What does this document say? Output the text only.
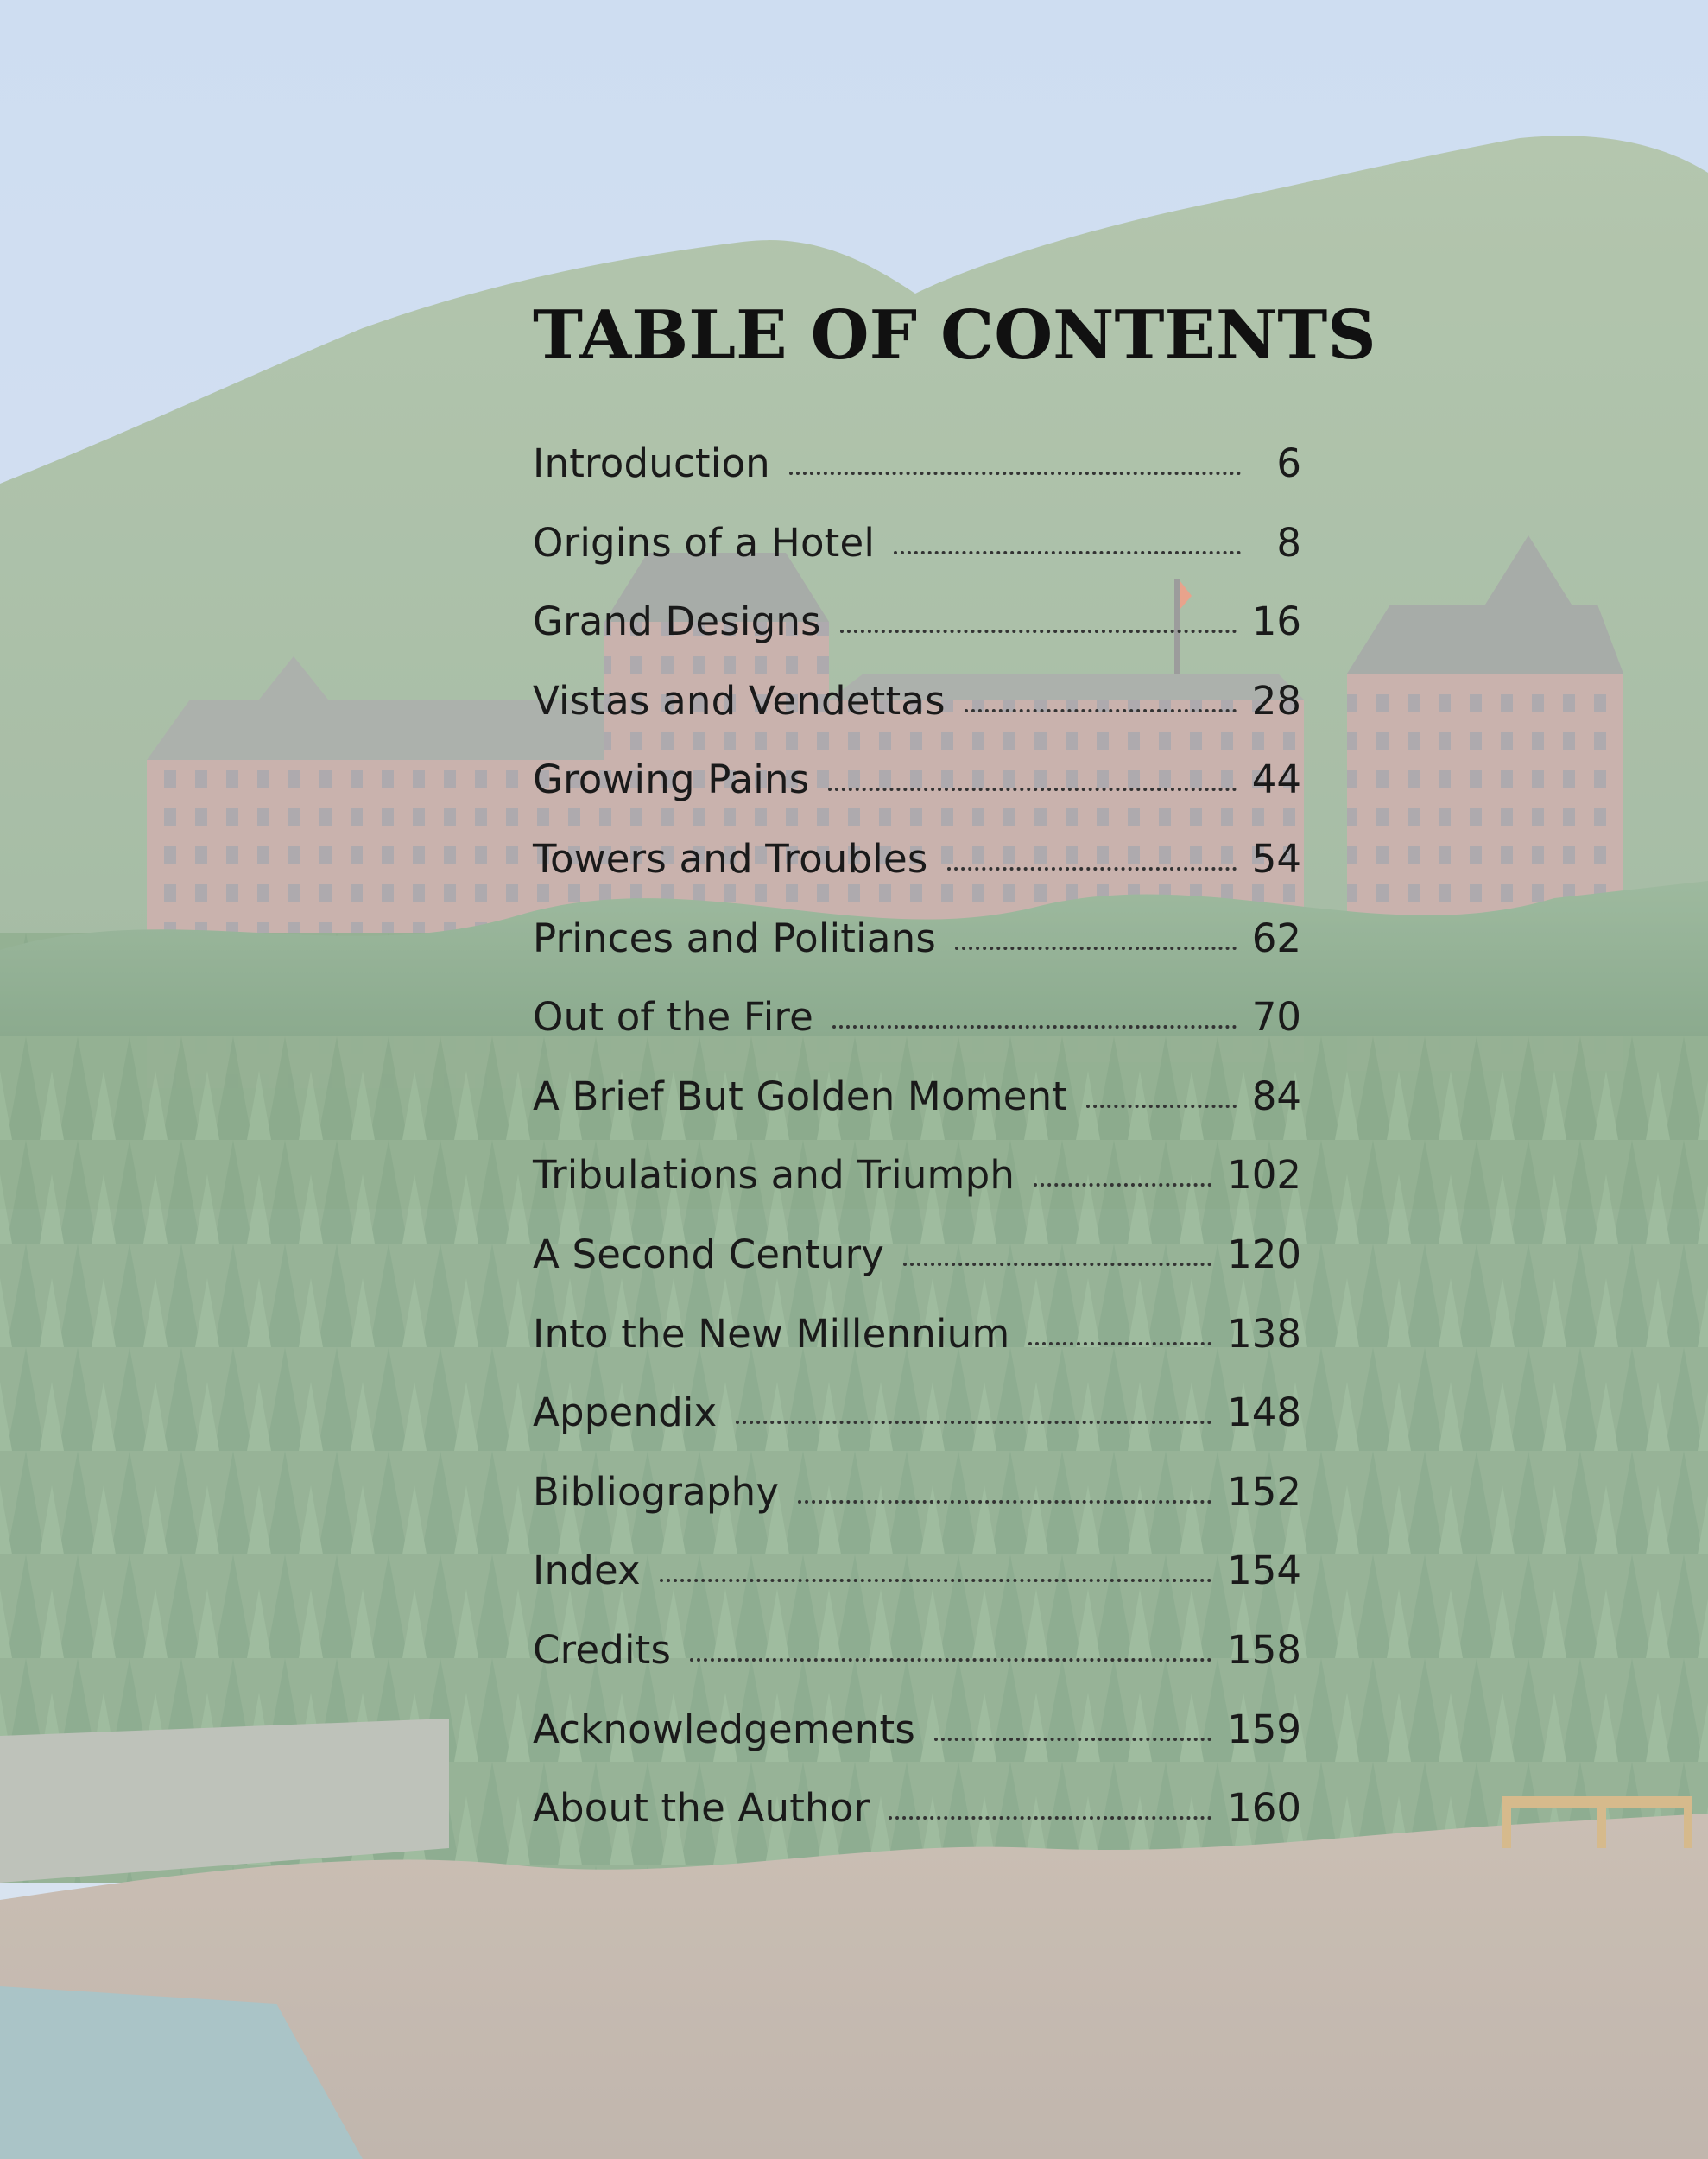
TABLE OF CONTENTS
Introduction	6
Origins of a Hotel	8
Grand Designs	16
Vistas and Vendettas	28
Growing Pains	44
Towers and Troubles	54
Princes and Politians	62
Out of the Fire	70
A Brief But Golden Moment	84
Tribulations and Triumph	102
A Second Century	120
Into the New Millennium	138
Appendix	148
Bibliography	152
Index	154
Credits	158
Acknowledgements	159
About the Author	160
